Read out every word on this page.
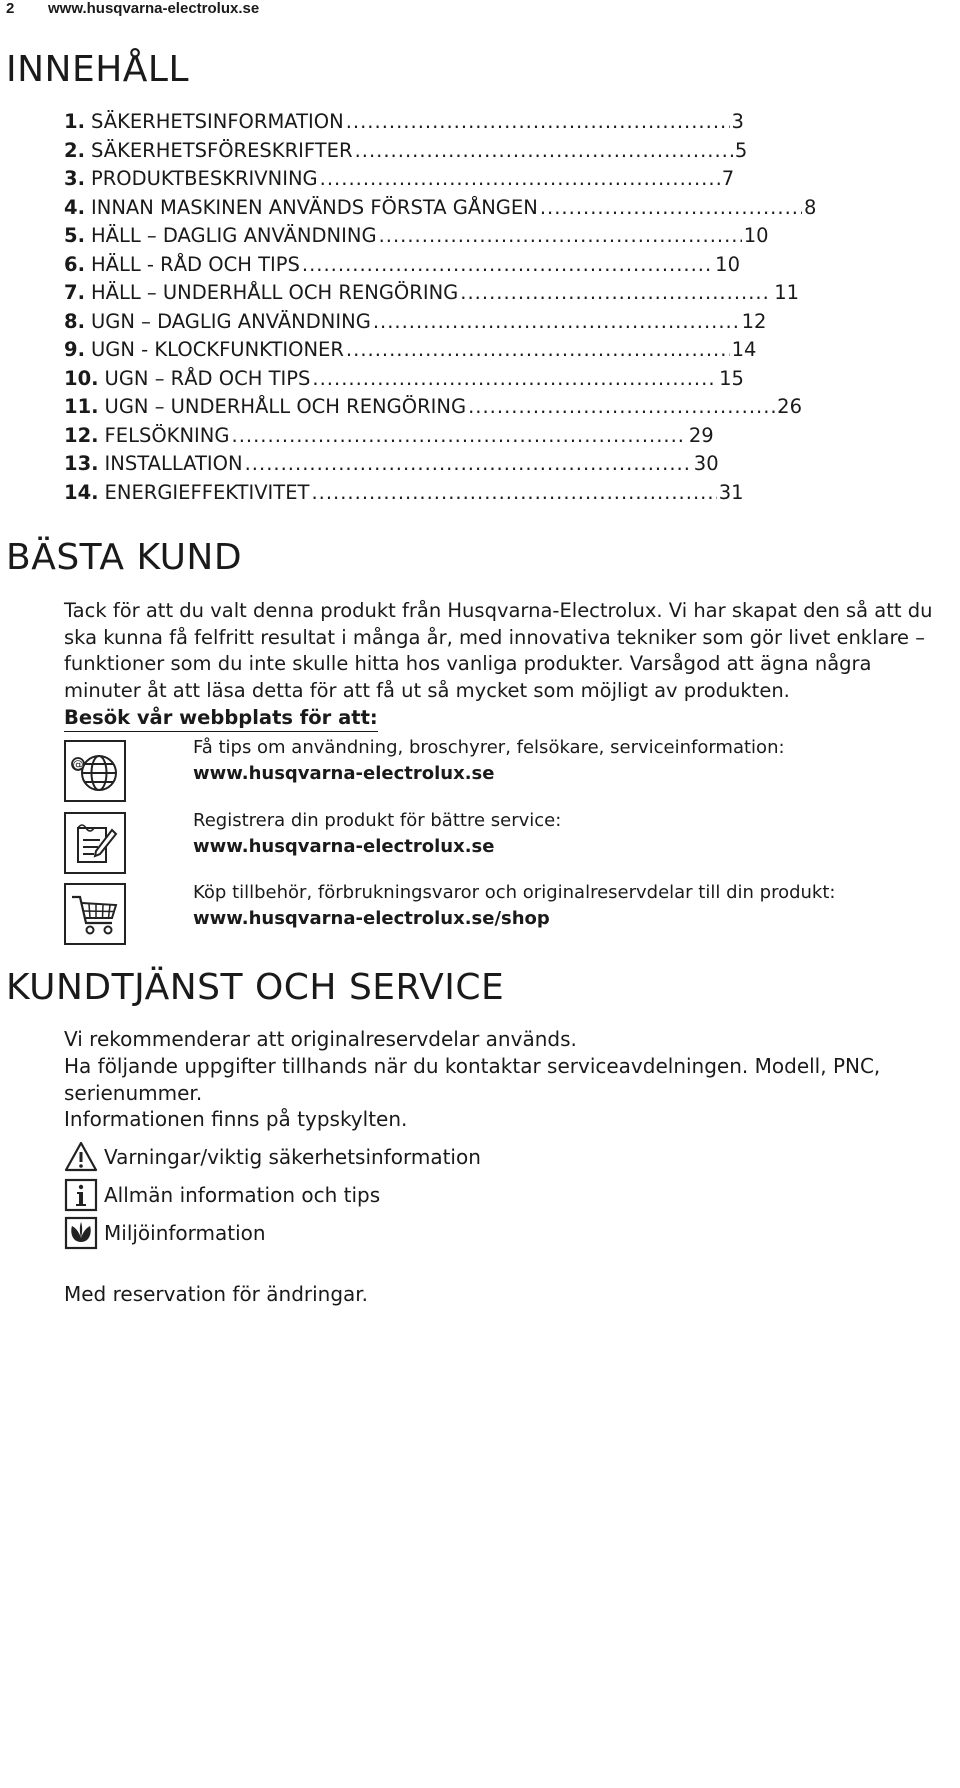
2 www.husqvarna-electrolux.se
INNEHÅLL
1. SÄKERHETSINFORMATION .....	3
2. SÄKERHETSFÖRESKRIFTER .....	5
3. PRODUKTBESKRIVNING .....	7
4. INNAN MASKINEN ANVÄNDS FÖRSTA GÅNGEN .....	8
5. HÄLL – DAGLIG ANVÄNDNING .....	10
6. HÄLL - RÅD OCH TIPS .....	10
7. HÄLL – UNDERHÅLL OCH RENGÖRING .....	11
8. UGN – DAGLIG ANVÄNDNING .....	12
9. UGN - KLOCKFUNKTIONER .....	14
10. UGN – RÅD OCH TIPS .....	15
11. UGN – UNDERHÅLL OCH RENGÖRING .....	26
12. FELSÖKNING .....	29
13. INSTALLATION .....	30
14. ENERGIEFFEKTIVITET .....	31
BÄSTA KUND

Tack för att du valt denna produkt från Husqvarna-Electrolux. Vi har skapat den så att du ska kunna få felfritt resultat i många år, med innovativa tekniker som gör livet enklare – funktioner som du inte skulle hitta hos vanliga produkter. Varsågod att ägna några minuter åt att läsa detta för att få ut så mycket som möjligt av produkten.

Besök vår webbplats för att:

@
Få tips om användning, broschyrer, felsökare, serviceinformation:
www.husqvarna-electrolux.se
Registrera din produkt för bättre service:
www.husqvarna-electrolux.se
Köp tillbehör, förbrukningsvaror och originalreservdelar till din produkt:
www.husqvarna-electrolux.se/shop
KUNDTJÄNST OCH SERVICE

Vi rekommenderar att originalreservdelar används.

Ha följande uppgifter tillhands när du kontaktar serviceavdelningen. Modell, PNC, serienummer.

Informationen finns på typskylten.

Varningar/viktig säkerhetsinformation
Allmän information och tips
Miljöinformation

Med reservation för ändringar.
